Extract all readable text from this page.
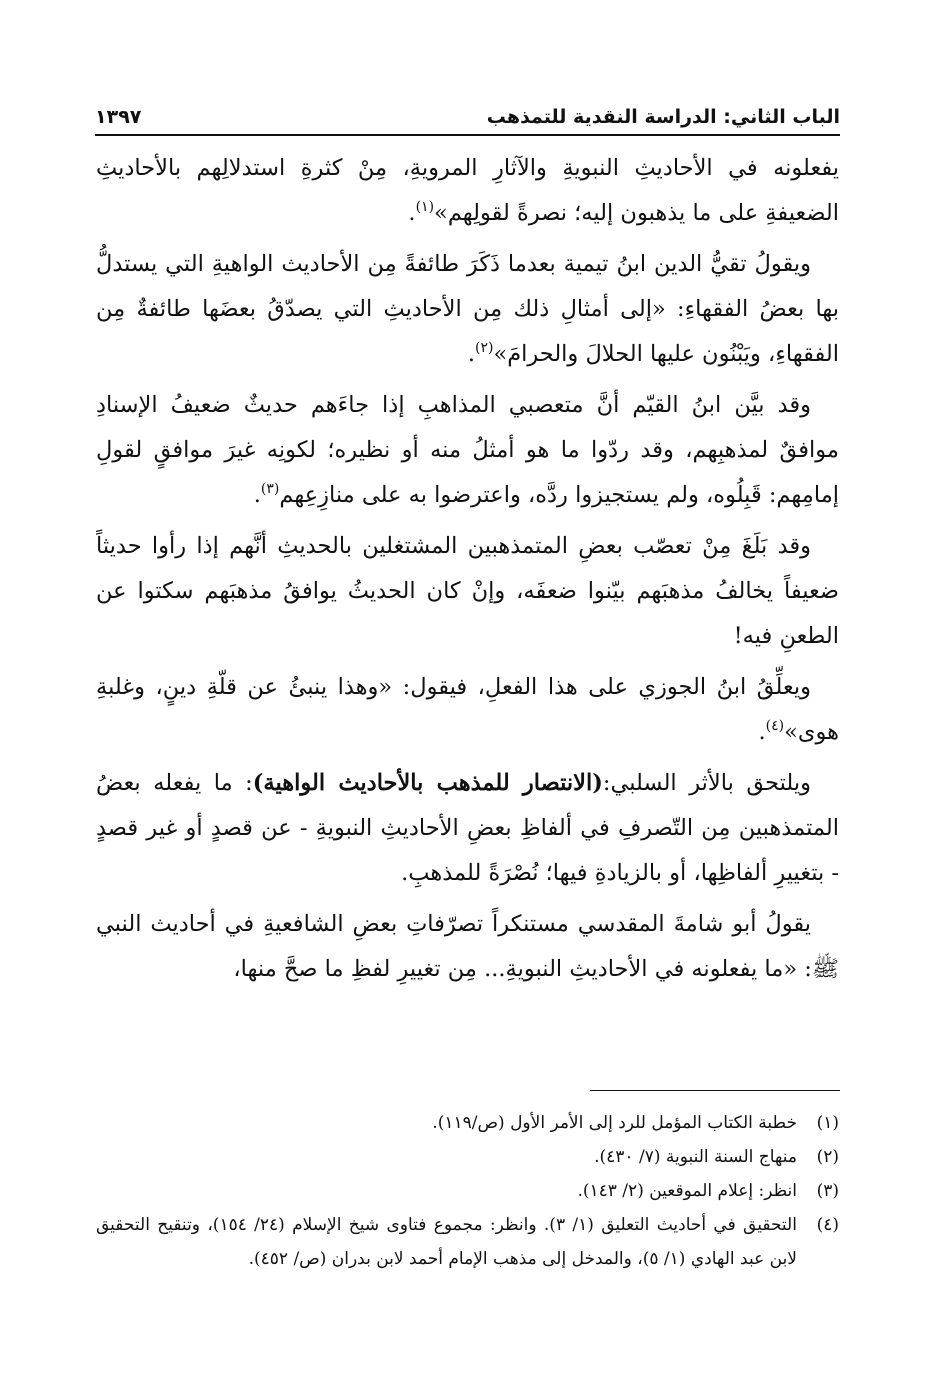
الباب الثاني: الدراسة النقدية للتمذهب
١٣٩٧

يفعلونه في الأحاديثِ النبويةِ والآثارِ المرويةِ، مِنْ كثرةِ استدلالِهم بالأحاديثِ الضعيفةِ على ما يذهبون إليه؛ نصرةً لقولِهم»$^{(١)}$.

ويقولُ تقيُّ الدين ابنُ تيمية بعدما ذَكَرَ طائفةً مِن الأحاديث الواهيةِ التي يستدلُّ بها بعضُ الفقهاءِ: «إلى أمثالِ ذلك مِن الأحاديثِ التي يصدّقُ بعضَها طائفةٌ مِن الفقهاءِ، ويَبْنُون عليها الحلالَ والحرامَ»$^{(٢)}$.

وقد بيَّن ابنُ القيّم أنَّ متعصبي المذاهبِ إذا جاءَهم حديثٌ ضعيفُ الإسنادِ موافقٌ لمذهبِهم، وقد ردّوا ما هو أمثلُ منه أو نظيره؛ لكونِه غيرَ موافقٍ لقولِ إمامِهم: قَبِلُوه، ولم يستجيزوا ردَّه، واعترضوا به على منازِعِهم$^{(٣)}$.

وقد بَلَغَ مِنْ تعصّب بعضِ المتمذهبين المشتغلين بالحديثِ أنَّهم إذا رأوا حديثاً ضعيفاً يخالفُ مذهبَهم بيّنوا ضعفَه، وإنْ كان الحديثُ يوافقُ مذهبَهم سكتوا عن الطعنِ فيه!

ويعلِّقُ ابنُ الجوزي على هذا الفعلِ، فيقول: «وهذا ينبئُ عن قلّةِ دينٍ، وغلبةِ هوى»$^{(٤)}$.

ويلتحق بالأثر السلبي:(الانتصار للمذهب بالأحاديث الواهية): ما يفعله بعضُ المتمذهبين مِن التّصرفِ في ألفاظِ بعضِ الأحاديثِ النبويةِ - عن قصدٍ أو غير قصدٍ - بتغييرِ ألفاظِها، أو بالزيادةِ فيها؛ نُصْرَةً للمذهبِ.

يقولُ أبو شامةَ المقدسي مستنكراً تصرّفاتِ بعضِ الشافعيةِ في أحاديث النبي ﷺ: «ما يفعلونه في الأحاديثِ النبويةِ... مِن تغييرِ لفظِ ما صحَّ منها،

(١)
خطبة الكتاب المؤمل للرد إلى الأمر الأول (ص/١١٩).
(٢)
منهاج السنة النبوية (٧/ ٤٣٠).
(٣)
انظر: إعلام الموقعين (٢/ ١٤٣).
(٤)
التحقيق في أحاديث التعليق (١/ ٣). وانظر: مجموع فتاوى شيخ الإسلام (٢٤/ ١٥٤)، وتنقيح التحقيق لابن عبد الهادي (١/ ٥)، والمدخل إلى مذهب الإمام أحمد لابن بدران (ص/ ٤٥٢).
